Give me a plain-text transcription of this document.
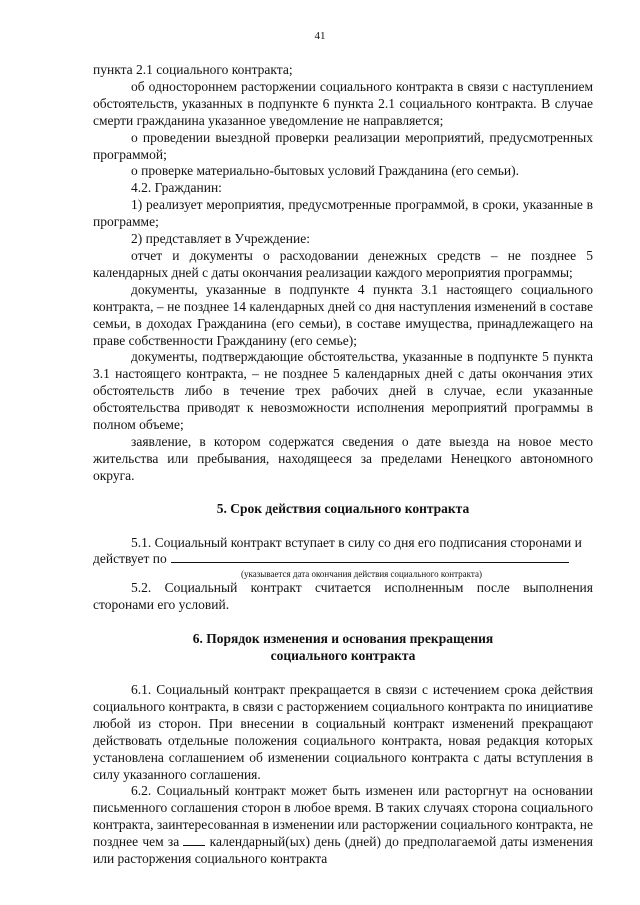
41

пункта 2.1 социального контракта;

об одностороннем расторжении социального контракта в связи с наступлением обстоятельств, указанных в подпункте 6 пункта 2.1 социального контракта. В случае смерти гражданина указанное уведомление не направляется;

о проведении выездной проверки реализации мероприятий, предусмотренных программой;

о проверке материально-бытовых условий Гражданина (его семьи).

4.2. Гражданин:

1) реализует мероприятия, предусмотренные программой, в сроки, указанные в программе;

2) представляет в Учреждение:

отчет и документы о расходовании денежных средств – не позднее 5 календарных дней с даты окончания реализации каждого мероприятия программы;

документы, указанные в подпункте 4 пункта 3.1 настоящего социального контракта, – не позднее 14 календарных дней со дня наступления изменений в составе семьи, в доходах Гражданина (его семьи), в составе имущества, принадлежащего на праве собственности Гражданину (его семье);

документы, подтверждающие обстоятельства, указанные в подпункте 5 пункта 3.1 настоящего контракта, – не позднее 5 календарных дней с даты окончания этих обстоятельств либо в течение трех рабочих дней в случае, если указанные обстоятельства приводят к невозможности исполнения мероприятий программы в полном объеме;

заявление, в котором содержатся сведения о дате выезда на новое место жительства или пребывания, находящееся за пределами Ненецкого автономного округа.

5. Срок действия социального контракта

5.1. Социальный контракт вступает в силу со дня его подписания сторонами и действует по

(указывается дата окончания действия социального контракта)

5.2. Социальный контракт считается исполненным после выполнения сторонами его условий.

6. Порядок изменения и основания прекращения
социального контракта

6.1. Социальный контракт прекращается в связи с истечением срока действия социального контракта, в связи с расторжением социального контракта по инициативе любой из сторон. При внесении в социальный контракт изменений прекращают действовать отдельные положения социального контракта, новая редакция которых установлена соглашением об изменении социального контракта с даты вступления в силу указанного соглашения.

6.2. Социальный контракт может быть изменен или расторгнут на основании письменного соглашения сторон в любое время. В таких случаях сторона социального контракта, заинтересованная в изменении или расторжении социального контракта, не позднее чем за календарный(ых) день (дней) до предполагаемой даты изменения или расторжения социального контракта
